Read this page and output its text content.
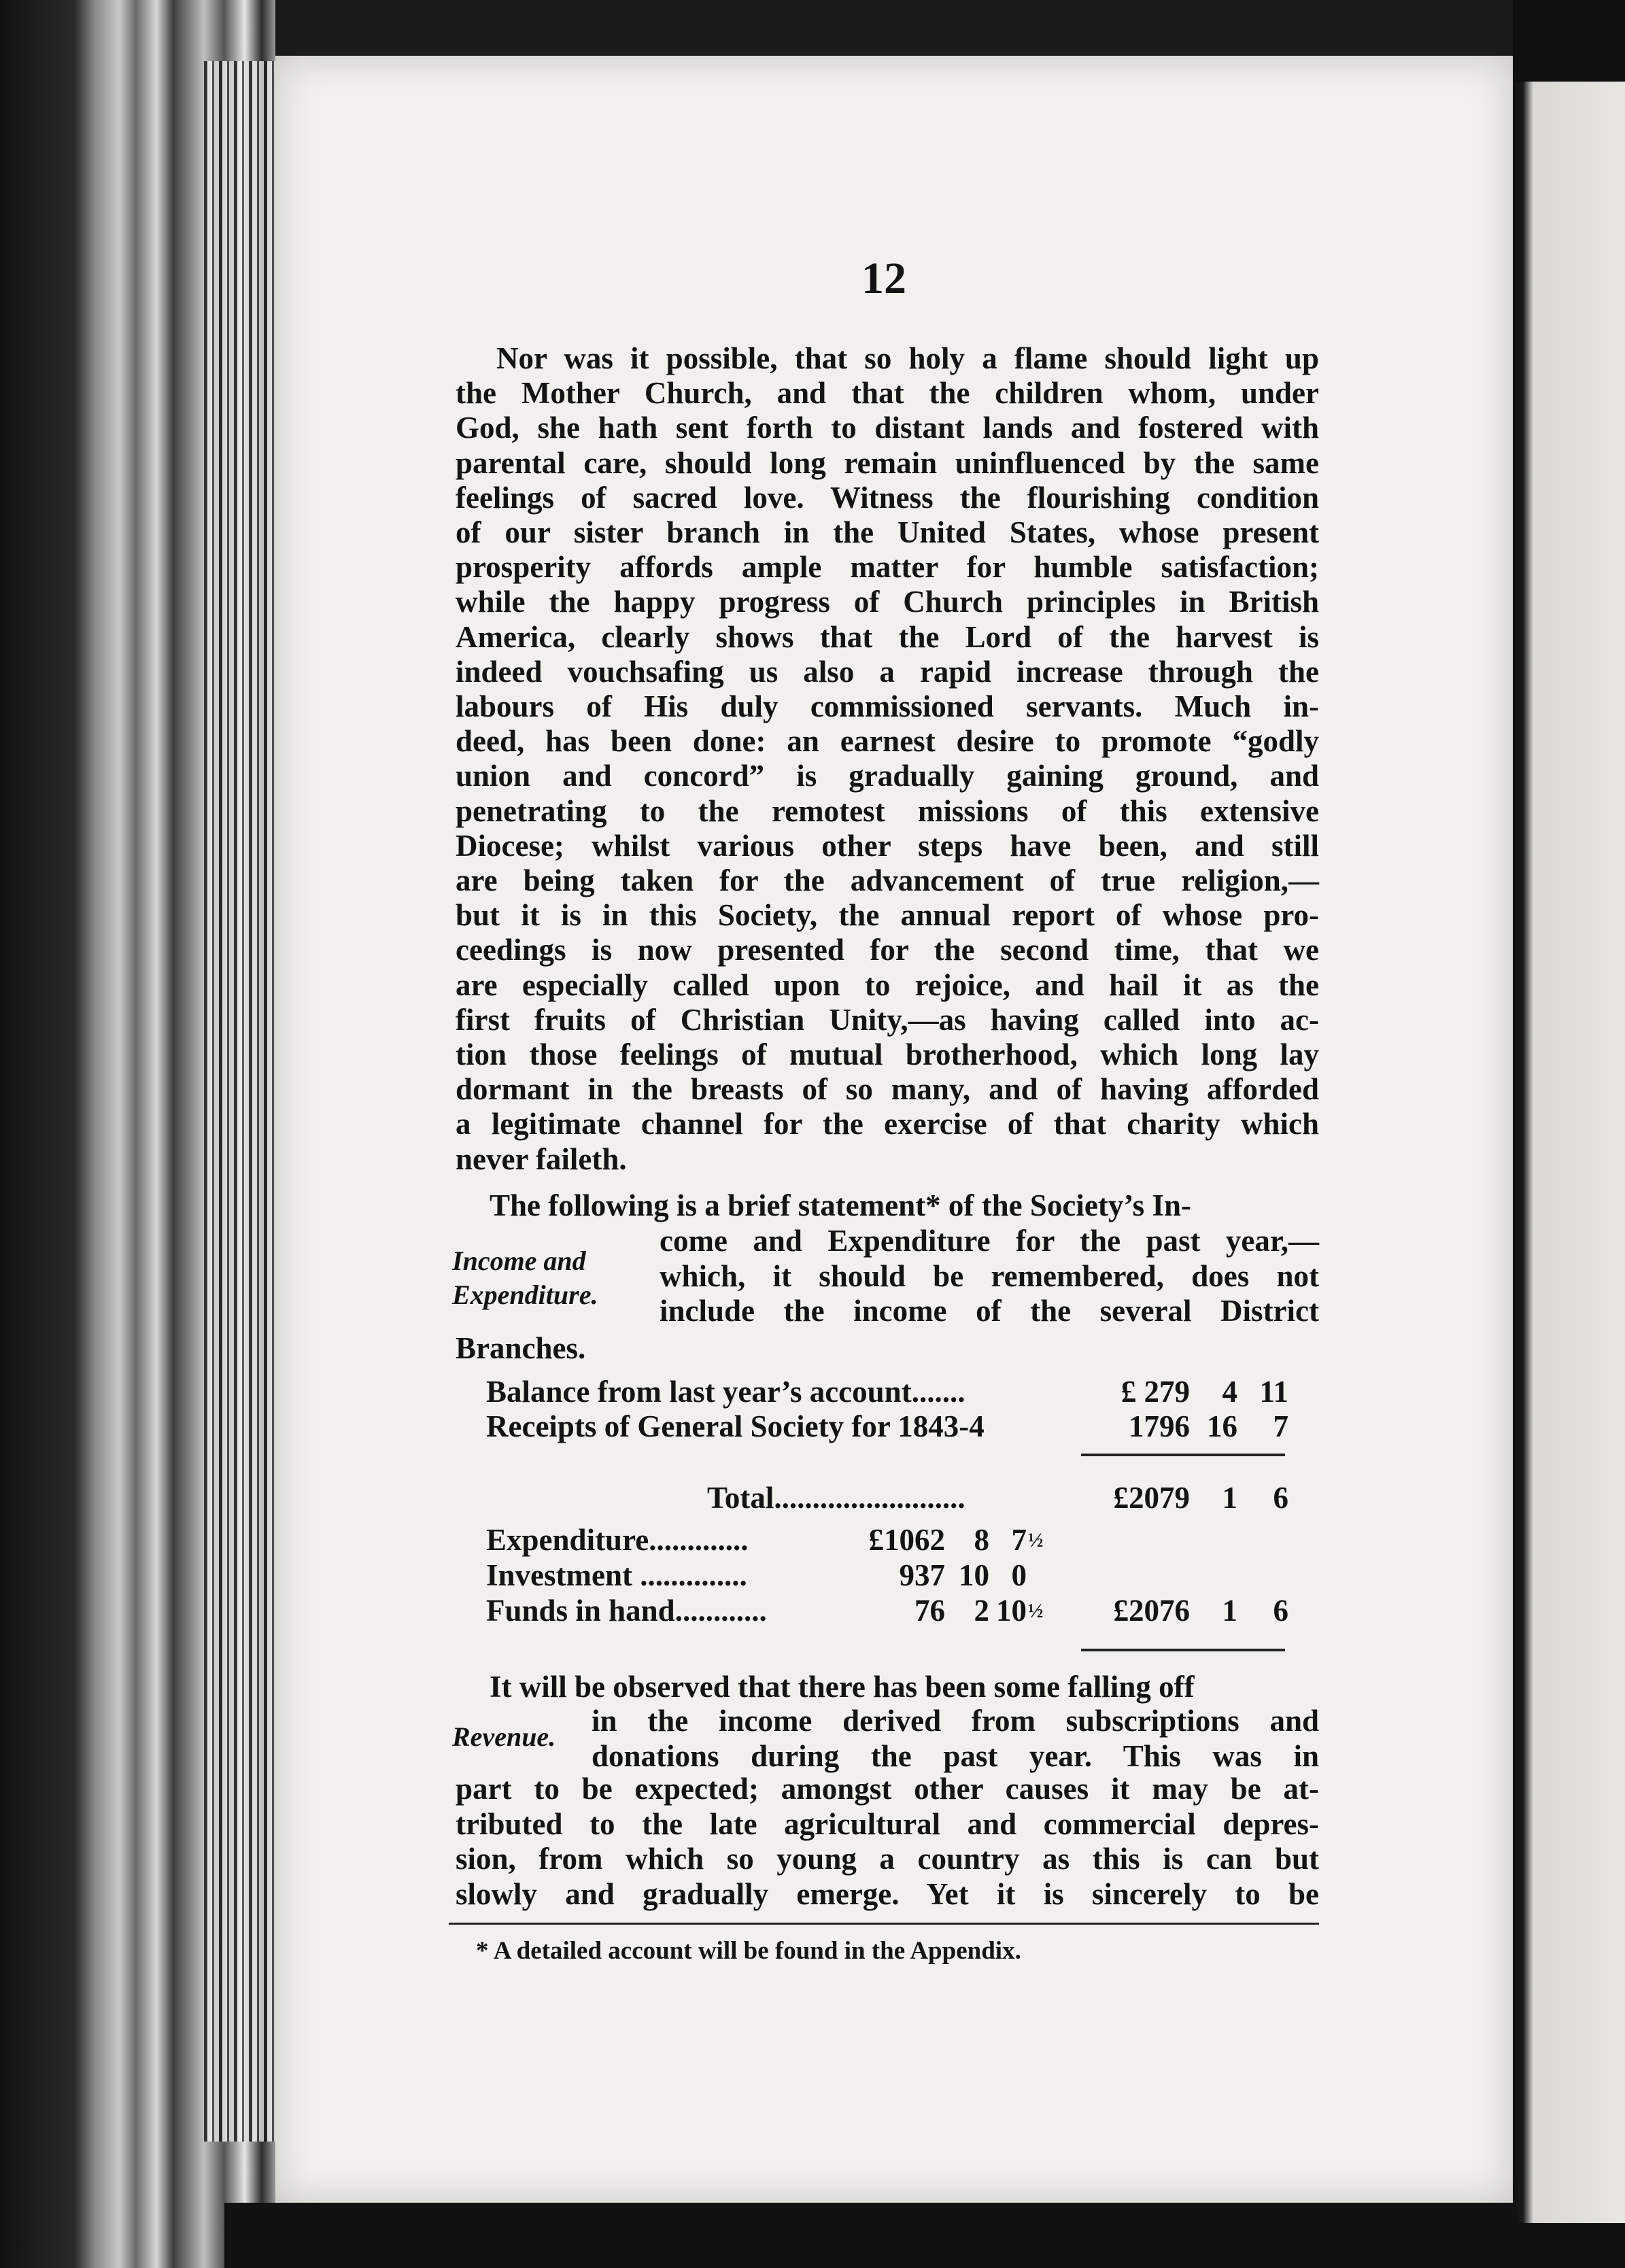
12
Nor was it possible, that so holy a flame should light up
the Mother Church, and that the children whom, under
God, she hath sent forth to distant lands and fostered with
parental care, should long remain uninfluenced by the same
feelings of sacred love. Witness the flourishing condition
of our sister branch in the United States, whose present
prosperity affords ample matter for humble satisfaction;
while the happy progress of Church principles in British
America, clearly shows that the Lord of the harvest is
indeed vouchsafing us also a rapid increase through the
labours of His duly commissioned servants. Much in-
deed, has been done: an earnest desire to promote “godly
union and concord” is gradually gaining ground, and
penetrating to the remotest missions of this extensive
Diocese; whilst various other steps have been, and still
are being taken for the advancement of true religion,—
but it is in this Society, the annual report of whose pro-
ceedings is now presented for the second time, that we
are especially called upon to rejoice, and hail it as the
first fruits of Christian Unity,—as having called into ac-
tion those feelings of mutual brotherhood, which long lay
dormant in the breasts of so many, and of having afforded
a legitimate channel for the exercise of that charity which
never faileth.
The following is a brief statement* of the Society’s In-
come and Expenditure for the past year,—
which, it should be remembered, does not
include the income of the several District
Income and
Expenditure.
Branches.
Balance from last year’s account.......	£ 279	4 11
Receipts of General Society for 1843-4	1796 16	7
Total.........................	£2079	1	6
Expenditure.............	£1062 8 7 ½
Investment ..............	937 10 0
Funds in hand............	76 2 10 ½	£2076	1	6
It will be observed that there has been some falling off
in the income derived from subscriptions and
donations during the past year. This was in
Revenue.
part to be expected; amongst other causes it may be at-
tributed to the late agricultural and commercial depres-
sion, from which so young a country as this is can but
slowly and gradually emerge. Yet it is sincerely to be
* A detailed account will be found in the Appendix.
